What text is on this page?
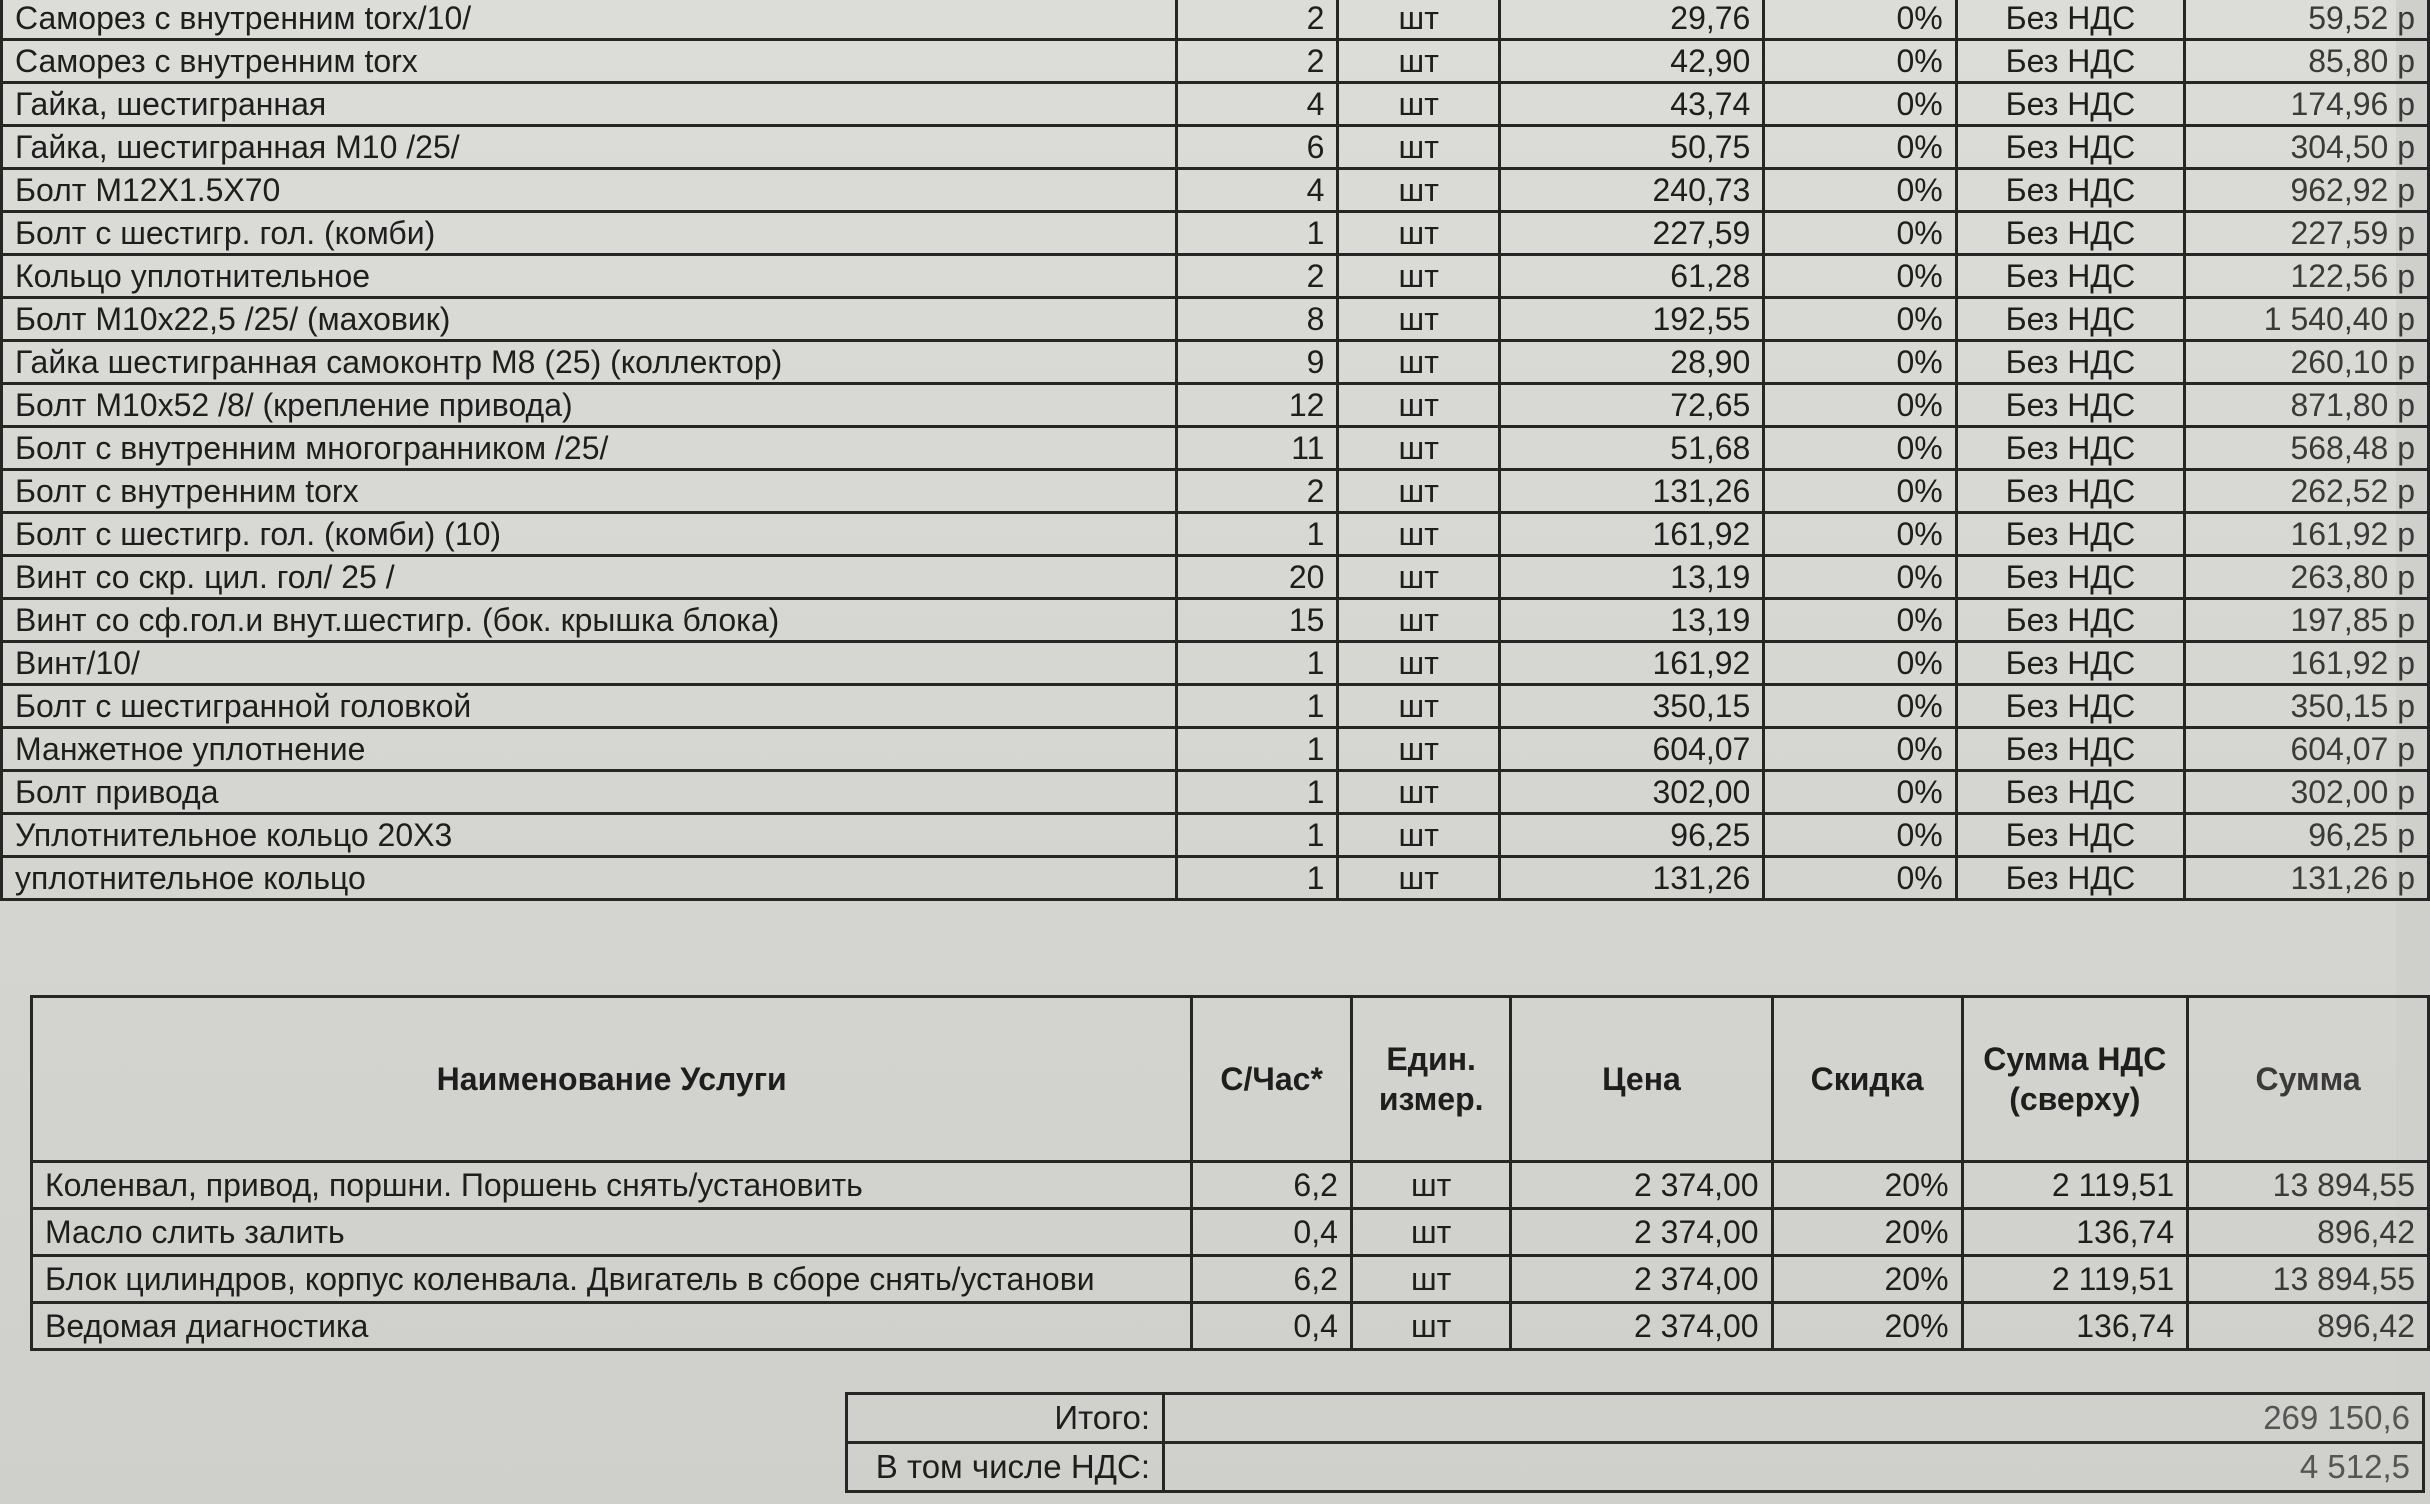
Саморез с внутренним torx/10/	2	шт	29,76	0%	Без НДС	59,52 р
Саморез с внутренним torx	2	шт	42,90	0%	Без НДС	85,80 р
Гайка, шестигранная	4	шт	43,74	0%	Без НДС	174,96 р
Гайка, шестигранная М10 /25/	6	шт	50,75	0%	Без НДС	304,50 р
Болт M12X1.5X70	4	шт	240,73	0%	Без НДС	962,92 р
Болт с шестигр. гол. (комби)	1	шт	227,59	0%	Без НДС	227,59 р
Кольцо уплотнительное	2	шт	61,28	0%	Без НДС	122,56 р
Болт M10x22,5 /25/ (маховик)	8	шт	192,55	0%	Без НДС	1 540,40 р
Гайка шестигранная самоконтр M8 (25) (коллектор)	9	шт	28,90	0%	Без НДС	260,10 р
Болт М10х52 /8/ (крепление привода)	12	шт	72,65	0%	Без НДС	871,80 р
Болт с внутренним многогранником /25/	11	шт	51,68	0%	Без НДС	568,48 р
Болт с внутренним torx	2	шт	131,26	0%	Без НДС	262,52 р
Болт с шестигр. гол. (комби) (10)	1	шт	161,92	0%	Без НДС	161,92 р
Винт со скр. цил. гол/ 25 /	20	шт	13,19	0%	Без НДС	263,80 р
Винт со сф.гол.и внут.шестигр. (бок. крышка блока)	15	шт	13,19	0%	Без НДС	197,85 р
Винт/10/	1	шт	161,92	0%	Без НДС	161,92 р
Болт с шестигранной головкой	1	шт	350,15	0%	Без НДС	350,15 р
Манжетное уплотнение	1	шт	604,07	0%	Без НДС	604,07 р
Болт привода	1	шт	302,00	0%	Без НДС	302,00 р
Уплотнительное кольцо 20X3	1	шт	96,25	0%	Без НДС	96,25 р
уплотнительное кольцо	1	шт	131,26	0%	Без НДС	131,26 р
Наименование Услуги	С/Час*	Един. измер.	Цена	Скидка	Сумма НДС (сверху)	Сумма
Коленвал, привод, поршни. Поршень снять/установить	6,2	шт	2 374,00	20%	2 119,51	13 894,55
Масло слить залить	0,4	шт	2 374,00	20%	136,74	896,42
Блок цилиндров, корпус коленвала. Двигатель в сборе снять/установи	6,2	шт	2 374,00	20%	2 119,51	13 894,55
Ведомая диагностика	0,4	шт	2 374,00	20%	136,74	896,42
Итого:	269 150,6
В том числе НДС:	4 512,5
